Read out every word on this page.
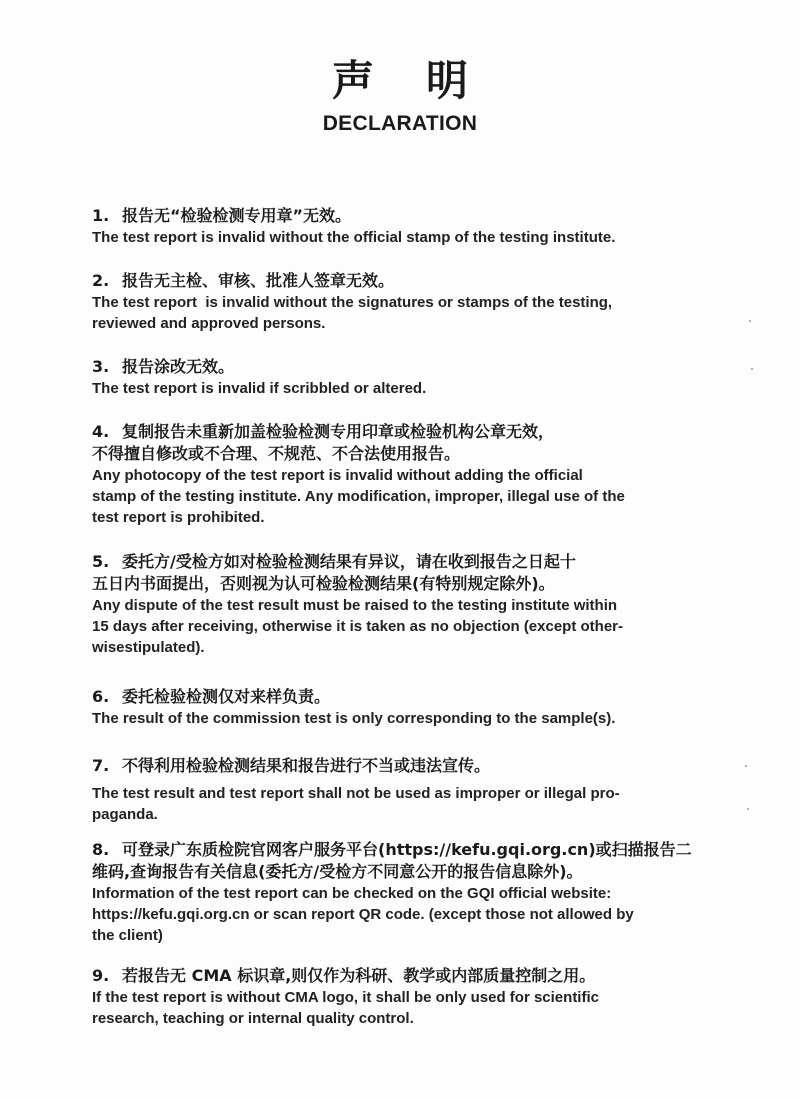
声明
DECLARATION
1. 报告无“检验检测专用章”无效。
The test report is invalid without the official stamp of the testing institute.
2. 报告无主检、审核、批准人签章无效。
The test report  is invalid without the signatures or stamps of the testing,
reviewed and approved persons.
3. 报告涂改无效。
The test report is invalid if scribbled or altered.
4. 复制报告未重新加盖检验检测专用印章或检验机构公章无效，
不得擅自修改或不合理、不规范、不合法使用报告。
Any photocopy of the test report is invalid without adding the official
stamp of the testing institute. Any modification, improper, illegal use of the
test report is prohibited.
5. 委托方/受检方如对检验检测结果有异议，请在收到报告之日起十
五日内书面提出，否则视为认可检验检测结果(有特别规定除外)。
Any dispute of the test result must be raised to the testing institute within
15 days after receiving, otherwise it is taken as no objection (except other-
wisestipulated).
6. 委托检验检测仅对来样负责。
The result of the commission test is only corresponding to the sample(s).
7. 不得利用检验检测结果和报告进行不当或违法宣传。
The test result and test report shall not be used as improper or illegal pro-
paganda.
8. 可登录广东质检院官网客户服务平台(https://kefu.gqi.org.cn)或扫描报告二
维码,查询报告有关信息(委托方/受检方不同意公开的报告信息除外)。
Information of the test report can be checked on the GQI official website:
https://kefu.gqi.org.cn or scan report QR code. (except those not allowed by
the client)
9. 若报告无 CMA 标识章,则仅作为科研、教学或内部质量控制之用。
If the test report is without CMA logo, it shall be only used for scientific
research, teaching or internal quality control.
